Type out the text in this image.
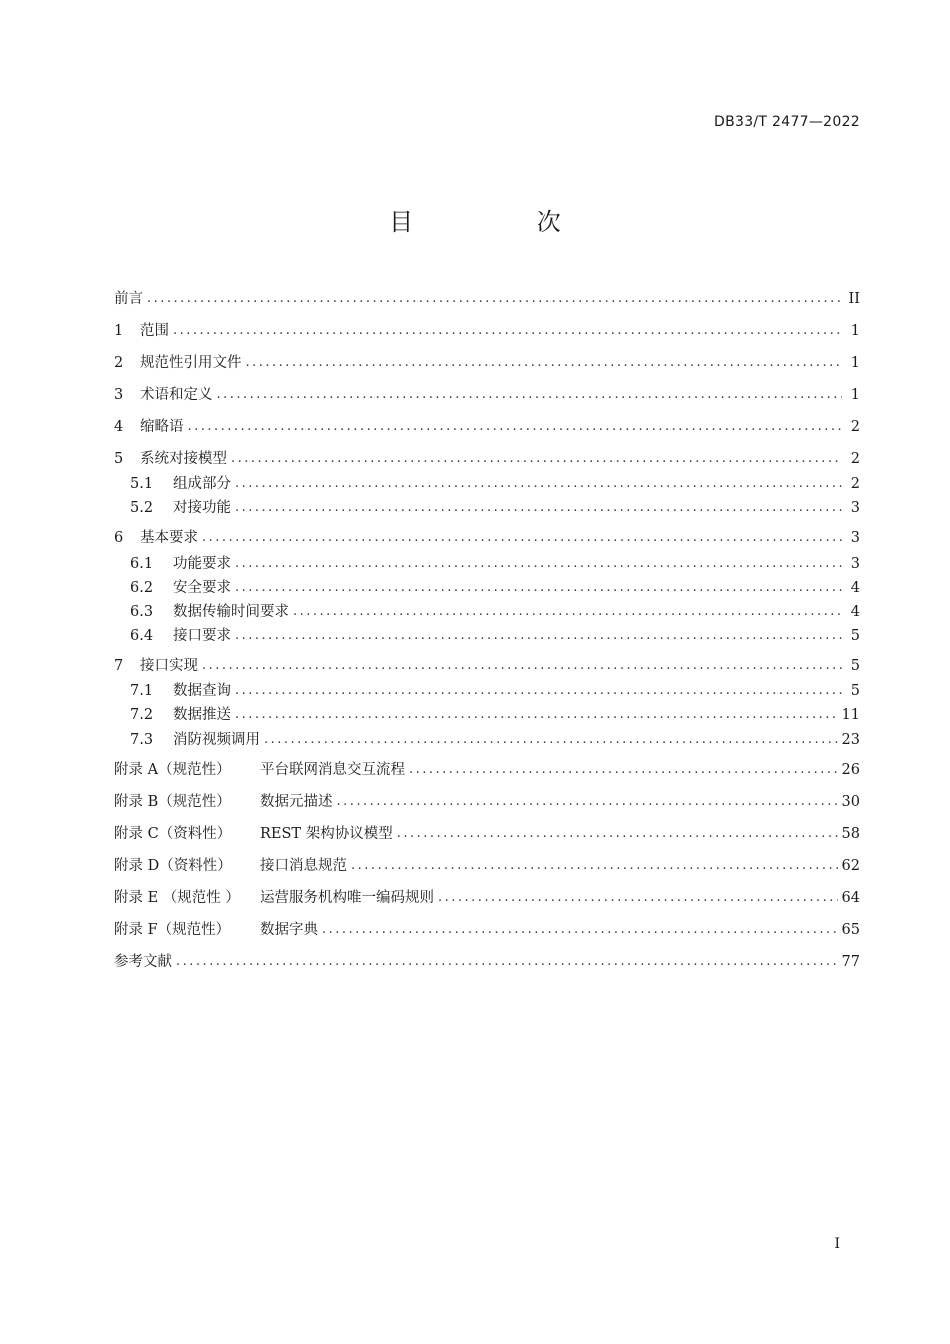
DB33/T 2477—2022
目 次
前言 .....	II
1	范围 .....	1
2	规范性引用文件 .....	1
3	术语和定义 .....	1
4	缩略语 .....	2
5	系统对接模型 .....	2
5.1	组成部分 .....	2
5.2	对接功能 .....	3
6	基本要求 .....	3
6.1	功能要求 .....	3
6.2	安全要求 .....	4
6.3	数据传输时间要求 .....	4
6.4	接口要求 .....	5
7	接口实现 .....	5
7.1	数据查询 .....	5
7.2	数据推送 .....	11
7.3	消防视频调用 .....	23
附录 A（规范性）	平台联网消息交互流程 .....	26
附录 B（规范性）	数据元描述 .....	30
附录 C（资料性）	REST 架构协议模型 .....	58
附录 D（资料性）	接口消息规范 .....	62
附录 E （规范性 ）	运营服务机构唯一编码规则 .....	64
附录 F（规范性）	数据字典 .....	65
参考文献 .....	77
I
